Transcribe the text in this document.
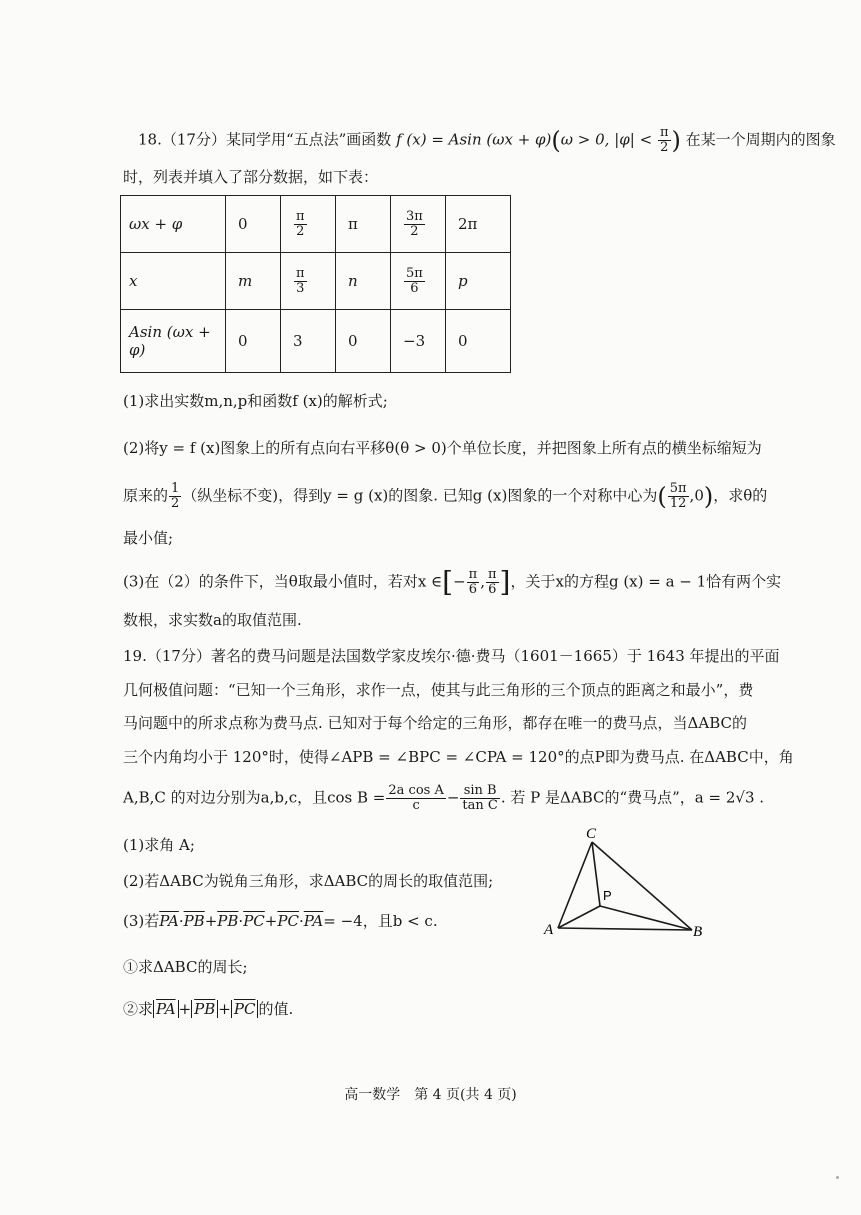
18.（17分）某同学用“五点法”画函数 f (x) = Asin (ωx + φ)(ω > 0, $|\varphi| < \frac{\pi}{2}$ ) 在某一个周期内的图象
时，列表并填入了部分数据，如下表：
ωx + φ	0	$\frac{\pi}{2}$	π	$\frac{3\pi}{2}$	2π
x	m	$\frac{\pi}{3}$	n	$\frac{5\pi}{6}$	p
Asin (ωx + φ)	0	3	0	−3	0
(1)求出实数m,n,p和函数f (x)的解析式;
(2)将y = f (x)图象上的所有点向右平移θ(θ > 0)个单位长度，并把图象上所有点的横坐标缩短为
原来的 $\frac{1}{2}$ （纵坐标不变)，得到y = g (x)的图象. 已知g (x)图象的一个对称中心为( $\frac{5\pi}{12} ,0$)，求θ的
最小值;
(3)在（2）的条件下，当θ取最小值时，若对x ∈[− $\frac{\pi}{6}$ , $\frac{\pi}{6}$ ]，关于x的方程g (x) = a − 1恰有两个实
数根，求实数a的取值范围.
19.（17分）著名的费马问题是法国数学家皮埃尔·德·费马（1601－1665）于 1643 年提出的平面
几何极值问题：“已知一个三角形，求作一点，使其与此三角形的三个顶点的距离之和最小”，费
马问题中的所求点称为费马点. 已知对于每个给定的三角形，都存在唯一的费马点，当ΔABC的
三个内角均小于 120°时，使得∠APB = ∠BPC = ∠CPA = 120°的点P即为费马点. 在ΔABC中，角
A,B,C 的对边分别为a,b,c，且$\cos B = \frac{\text{2a cos A}}{c} - \frac{\text{sin B}}{\text{tan C}}$ . 若 P 是ΔABC的“费马点”，a = 2√3 .
(1)求角 A;
(2)若ΔABC为锐角三角形，求ΔABC的周长的取值范围;
(3)若$\overline{PA}\cdot\overline{PB}+\overline{PB}\cdot\overline{PC}+\overline{PC}\cdot\overline{PA}= -4$，且b < c.
①求ΔABC的周长;
②求 $\overline{PA} + \overline{PB} + \overline{PC}$ 的值.
C
P
A	B
高一数学　第 4 页(共 4 页)
